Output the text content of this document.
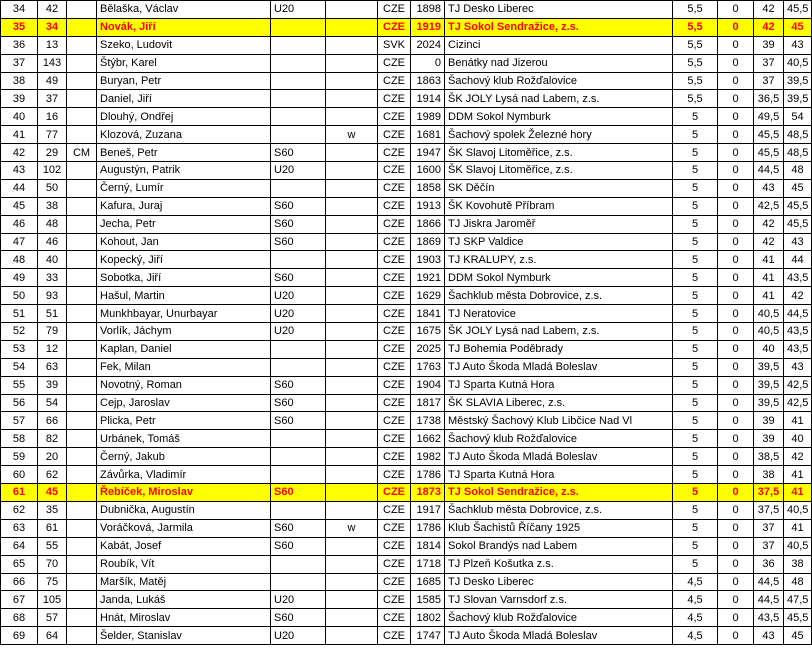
34	42		Bělaška, Václav	U20		CZE	1898	TJ Desko Liberec	5,5	0	42	45,5
35	34		Novák, Jiří			CZE	1919	TJ Sokol Sendražice, z.s.	5,5	0	42	45
36	13		Szeko, Ludovit			SVK	2024	Cizinci	5,5	0	39	43
37	143		Štýbr, Karel			CZE	0	Benátky nad Jizerou	5,5	0	37	40,5
38	49		Buryan, Petr			CZE	1863	Šachový klub Rožďalovice	5,5	0	37	39,5
39	37		Daniel, Jiří			CZE	1914	ŠK JOLY Lysá nad Labem, z.s.	5,5	0	36,5	39,5
40	16		Dlouhý, Ondřej			CZE	1989	DDM Sokol Nymburk	5	0	49,5	54
41	77		Klozová, Zuzana		w	CZE	1681	Šachový spolek Železné hory	5	0	45,5	48,5
42	29	CM	Beneš, Petr	S60		CZE	1947	ŠK Slavoj Litoměřice, z.s.	5	0	45,5	48,5
43	102		Augustýn, Patrik	U20		CZE	1600	ŠK Slavoj Litoměřice, z.s.	5	0	44,5	48
44	50		Černý, Lumír			CZE	1858	SK Děčín	5	0	43	45
45	38		Kafura, Juraj	S60		CZE	1913	ŠK Kovohutě Příbram	5	0	42,5	45,5
46	48		Jecha, Petr	S60		CZE	1866	TJ Jiskra Jaroměř	5	0	42	45,5
47	46		Kohout, Jan	S60		CZE	1869	TJ SKP Valdice	5	0	42	43
48	40		Kopecký, Jiří			CZE	1903	TJ KRALUPY, z.s.	5	0	41	44
49	33		Sobotka, Jiří	S60		CZE	1921	DDM Sokol Nymburk	5	0	41	43,5
50	93		Hašul, Martin	U20		CZE	1629	Šachklub města Dobrovice, z.s.	5	0	41	42
51	51		Munkhbayar, Unurbayar	U20		CZE	1841	TJ Neratovice	5	0	40,5	44,5
52	79		Vorlík, Jáchym	U20		CZE	1675	ŠK JOLY Lysá nad Labem, z.s.	5	0	40,5	43,5
53	12		Kaplan, Daniel			CZE	2025	TJ Bohemia Poděbrady	5	0	40	43,5
54	63		Fek, Milan			CZE	1763	TJ Auto Škoda Mladá Boleslav	5	0	39,5	43
55	39		Novotný, Roman	S60		CZE	1904	TJ Sparta Kutná Hora	5	0	39,5	42,5
56	54		Cejp, Jaroslav	S60		CZE	1817	ŠK SLAVIA Liberec, z.s.	5	0	39,5	42,5
57	66		Plicka, Petr	S60		CZE	1738	Městský Šachový Klub Libčice Nad Vl	5	0	39	41
58	82		Urbánek, Tomáš			CZE	1662	Šachový klub Rožďalovice	5	0	39	40
59	20		Černý, Jakub			CZE	1982	TJ Auto Škoda Mladá Boleslav	5	0	38,5	42
60	62		Závůrka, Vladimír			CZE	1786	TJ Sparta Kutná Hora	5	0	38	41
61	45		Řebíček, Miroslav	S60		CZE	1873	TJ Sokol Sendražice, z.s.	5	0	37,5	41
62	35		Dubnička, Augustín			CZE	1917	Šachklub města Dobrovice, z.s.	5	0	37,5	40,5
63	61		Voráčková, Jarmila	S60	w	CZE	1786	Klub Šachistů Říčany 1925	5	0	37	41
64	55		Kabát, Josef	S60		CZE	1814	Sokol Brandýs nad Labem	5	0	37	40,5
65	70		Roubík, Vít			CZE	1718	TJ Plzeň Košutka z.s.	5	0	36	38
66	75		Maršík, Matěj			CZE	1685	TJ Desko Liberec	4,5	0	44,5	48
67	105		Janda, Lukáš	U20		CZE	1585	TJ Slovan Varnsdorf z.s.	4,5	0	44,5	47,5
68	57		Hnát, Miroslav	S60		CZE	1802	Šachový klub Rožďalovice	4,5	0	43,5	45,5
69	64		Šelder, Stanislav	U20		CZE	1747	TJ Auto Škoda Mladá Boleslav	4,5	0	43	45
